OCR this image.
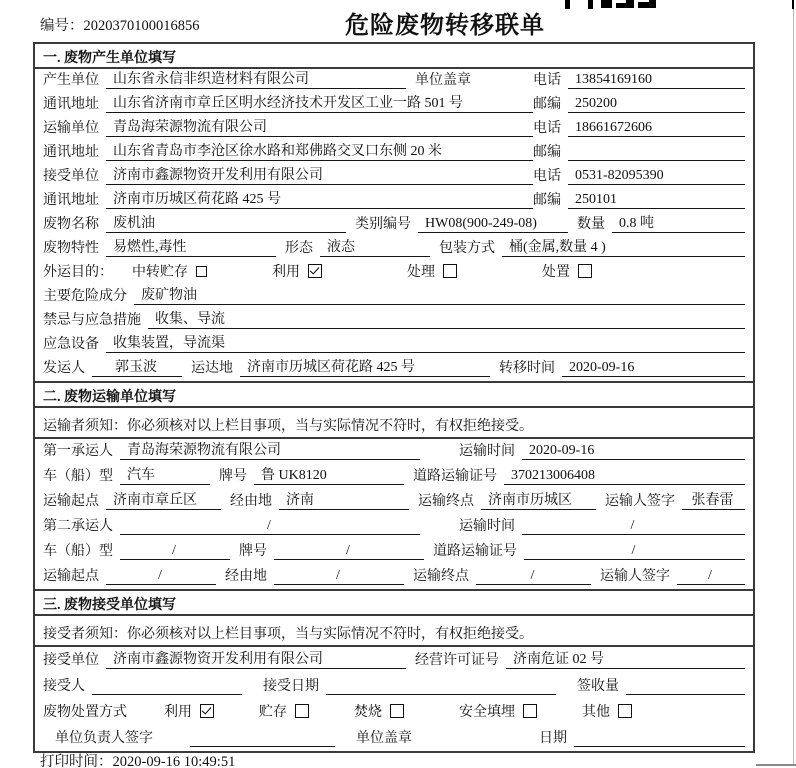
编号：2020370100016856	危险废物转移联单
一. 废物产生单位填写
产生单位	山东省永信非织造材料有限公司	单位盖章	电话	13854169160
通讯地址	山东省济南市章丘区明水经济技术开发区工业一路 501 号	邮编	250200
运输单位	青岛海荣源物流有限公司	电话	18661672606
通讯地址	山东省青岛市李沧区徐水路和郑佛路交叉口东侧 20 米	邮编
接受单位	济南市鑫源物资开发利用有限公司	电话	0531-82095390
通讯地址	济南市历城区荷花路 425 号	邮编	250101
废物名称	废机油	类别编号	HW08(900-249-08)	数量	0.8 吨
废物特性	易燃性,毒性	形态	液态	包装方式	桶(金属,数量 4 )
外运目的： 中转贮存	利用	处理	处置
主要危险成分	废矿物油
禁忌与应急措施	收集、导流
应急设备	收集装置，导流渠
发运人	郭玉波	运达地	济南市历城区荷花路 425 号	转移时间	2020-09-16
二. 废物运输单位填写
运输者须知：你必须核对以上栏目事项，当与实际情况不符时，有权拒绝接受。
第一承运人	青岛海荣源物流有限公司	运输时间	2020-09-16
车（船）型	汽车	牌号	鲁 UK8120	道路运输证号	370213006408
运输起点	济南市章丘区	经由地	济南	运输终点	济南市历城区	运输人签字	张春雷
第二承运人	/	运输时间	/
车（船）型	/	牌号	/	道路运输证号	/
运输起点	/	经由地	/	运输终点	/	运输人签字	/
三. 废物接受单位填写
接受者须知：你必须核对以上栏目事项，当与实际情况不符时，有权拒绝接受。
接受单位	济南市鑫源物资开发利用有限公司	经营许可证号	济南危证 02 号
接受人	接受日期	签收量
废物处置方式	利用	贮存	焚烧	安全填埋	其他
单位负责人签字	单位盖章	日期
打印时间：2020-09-16 10:49:51
